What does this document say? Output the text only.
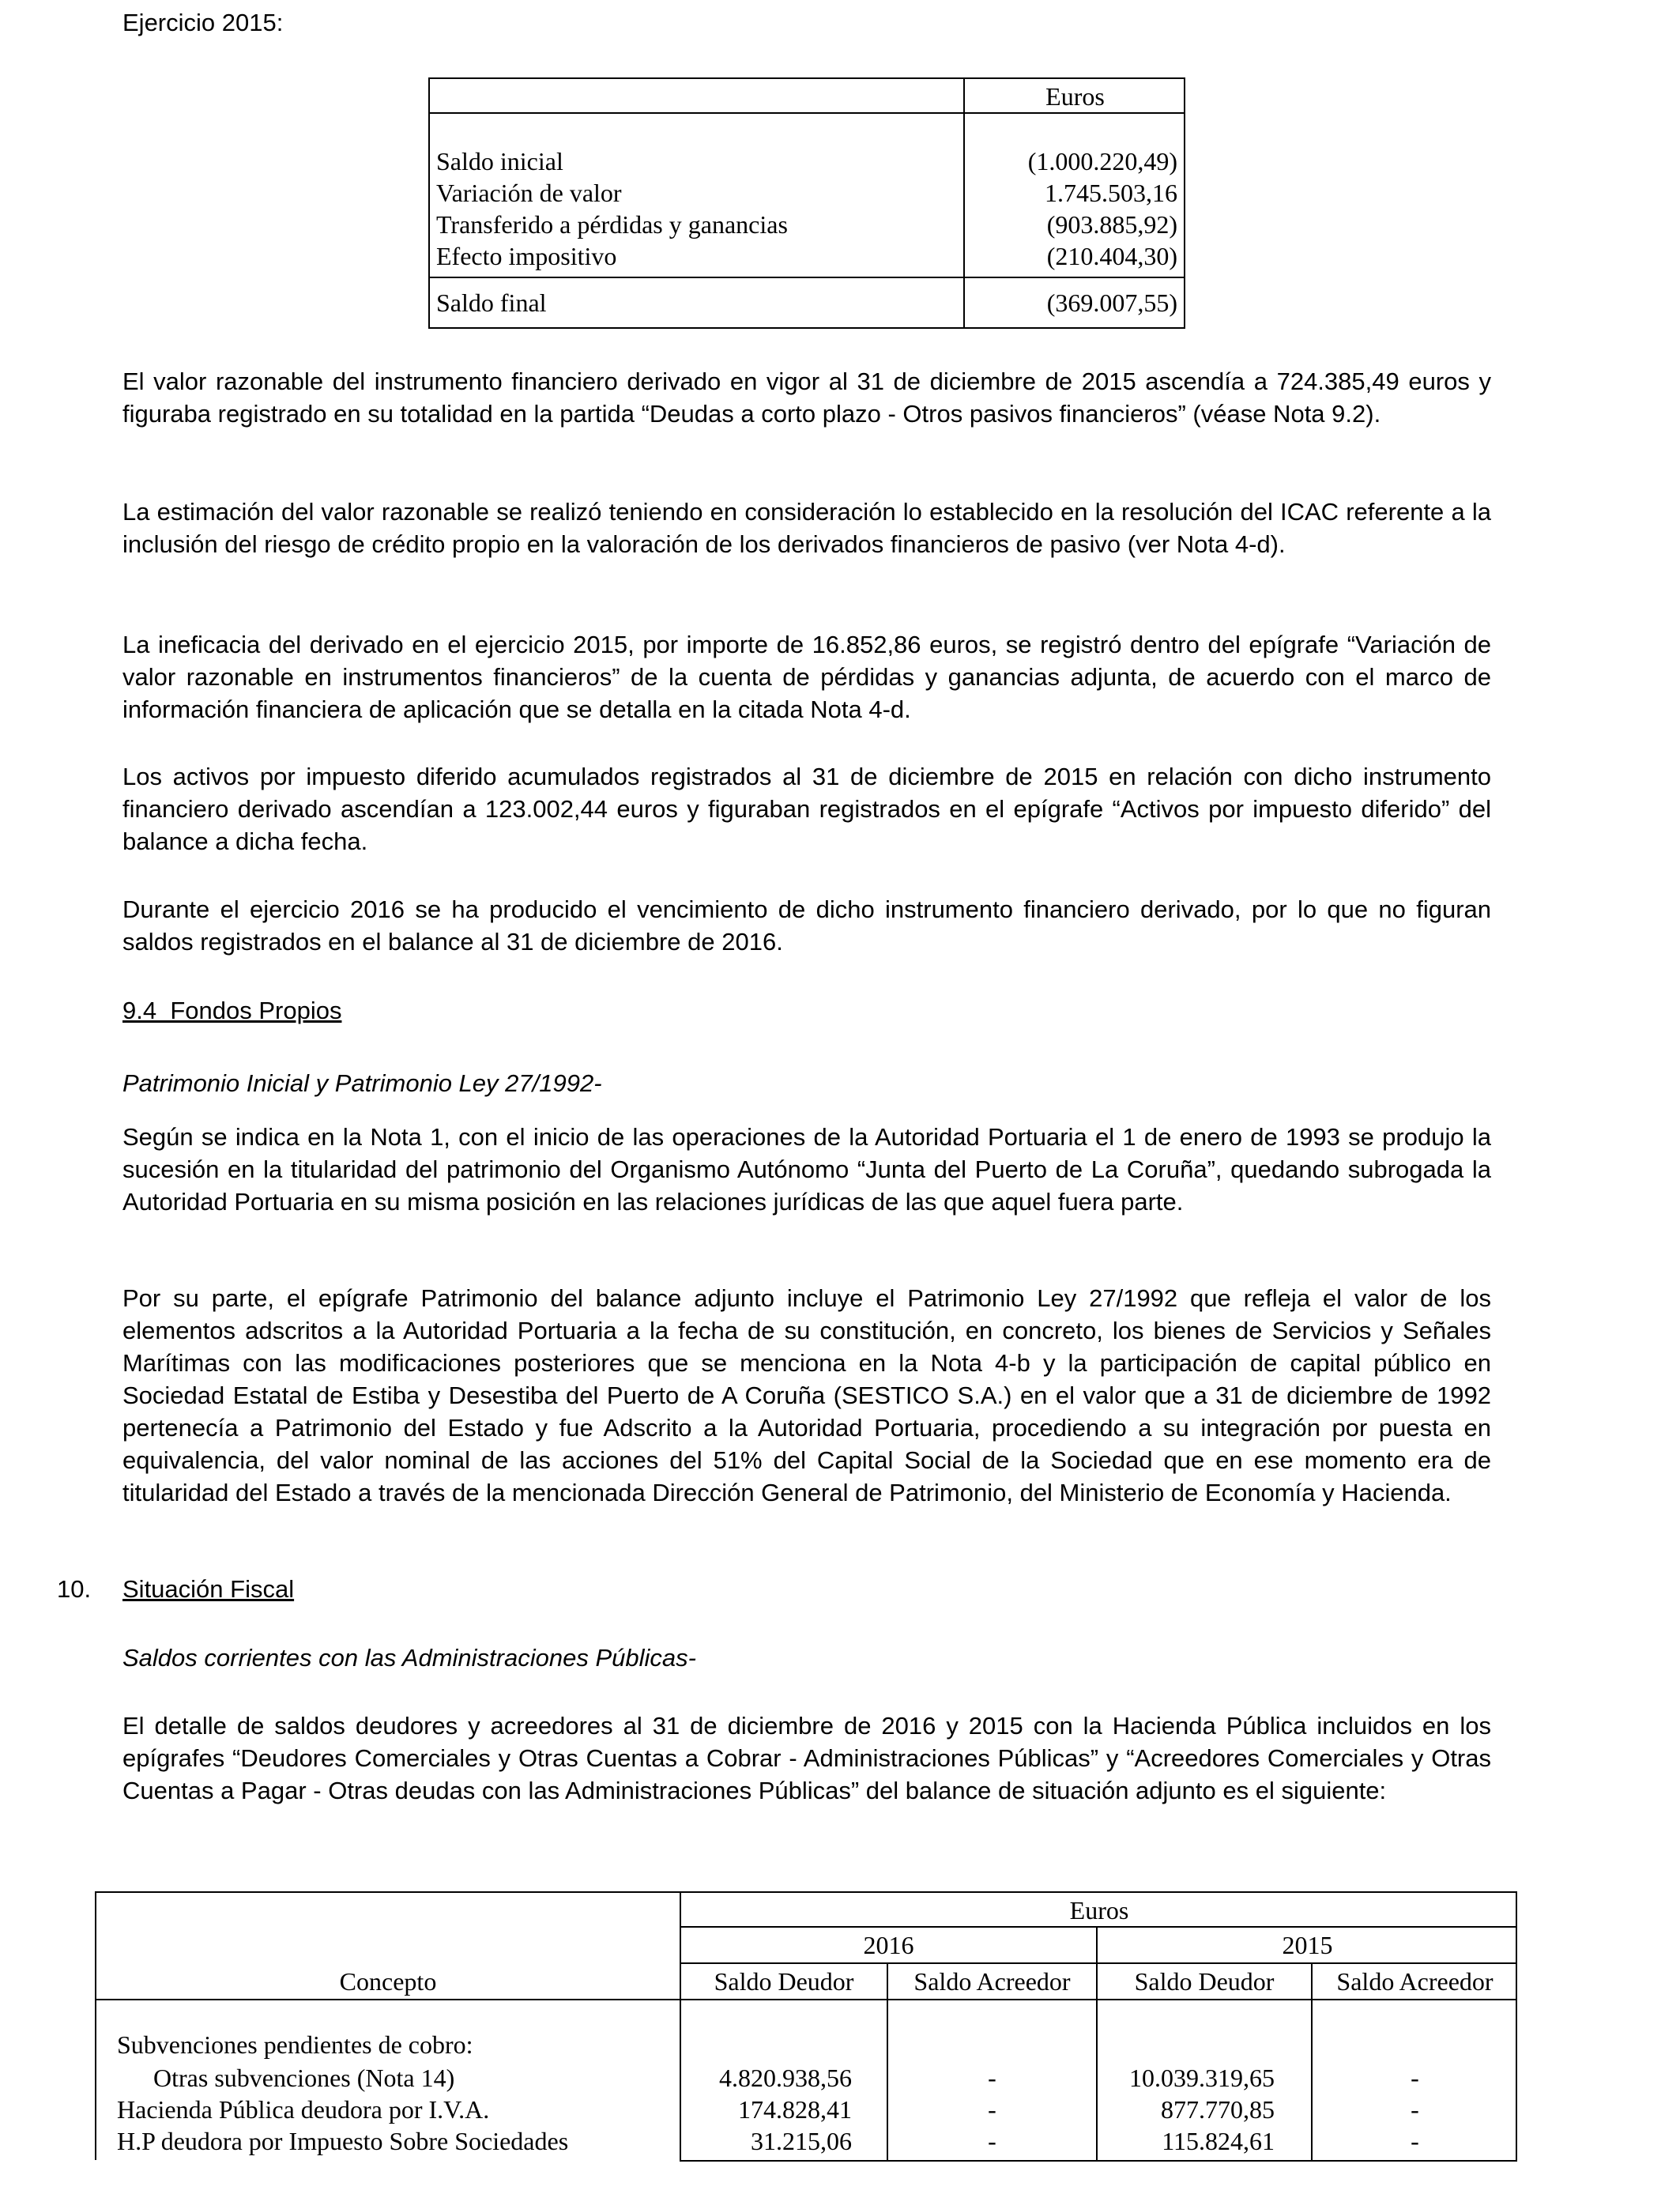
Ejercicio 2015:
Euros
Saldo inicial	(1.000.220,49)
Variación de valor	1.745.503,16
Transferido a pérdidas y ganancias	(903.885,92)
Efecto impositivo	(210.404,30)
Saldo final	(369.007,55)
El valor razonable del instrumento financiero derivado en vigor al 31 de diciembre de 2015 ascendía a 724.385,49 euros y figuraba registrado en su totalidad en la partida “Deudas a corto plazo - Otros pasivos financieros” (véase Nota 9.2).
La estimación del valor razonable se realizó teniendo en consideración lo establecido en la resolución del ICAC referente a la inclusión del riesgo de crédito propio en la valoración de los derivados financieros de pasivo (ver Nota 4-d).
La ineficacia del derivado en el ejercicio 2015, por importe de 16.852,86 euros, se registró dentro del epígrafe “Variación de valor razonable en instrumentos financieros” de la cuenta de pérdidas y ganancias adjunta, de acuerdo con el marco de información financiera de aplicación que se detalla en la citada Nota 4-d.
Los activos por impuesto diferido acumulados registrados al 31 de diciembre de 2015 en relación con dicho instrumento financiero derivado ascendían a 123.002,44 euros y figuraban registrados en el epígrafe “Activos por impuesto diferido” del balance a dicha fecha.
Durante el ejercicio 2016 se ha producido el vencimiento de dicho instrumento financiero derivado, por lo que no figuran saldos registrados en el balance al 31 de diciembre de 2016.
9.4  Fondos Propios
Patrimonio Inicial y Patrimonio Ley 27/1992-
Según se indica en la Nota 1, con el inicio de las operaciones de la Autoridad Portuaria el 1 de enero de 1993 se produjo la sucesión en la titularidad del patrimonio del Organismo Autónomo “Junta del Puerto de La Coruña”, quedando subrogada la Autoridad Portuaria en su misma posición en las relaciones jurídicas de las que aquel fuera parte.
Por su parte, el epígrafe Patrimonio del balance adjunto incluye el Patrimonio Ley 27/1992 que refleja el valor de los elementos adscritos a la Autoridad Portuaria a la fecha de su constitución, en concreto, los bienes de Servicios y Señales Marítimas con las modificaciones posteriores que se menciona en la Nota 4-b y la participación de capital público en Sociedad Estatal de Estiba y Desestiba del Puerto de A Coruña (SESTICO S.A.) en el valor que a 31 de diciembre de 1992 pertenecía a Patrimonio del Estado y fue Adscrito a la Autoridad Portuaria, procediendo a su integración por puesta en equivalencia, del valor nominal de las acciones del 51% del Capital Social de la Sociedad que en ese momento era de titularidad del Estado a través de la mencionada Dirección General de Patrimonio, del Ministerio de Economía y Hacienda.
10. Situación Fiscal
Saldos corrientes con las Administraciones Públicas-
El detalle de saldos deudores y acreedores al 31 de diciembre de 2016 y 2015 con la Hacienda Pública incluidos en los epígrafes “Deudores Comerciales y Otras Cuentas a Cobrar - Administraciones Públicas” y “Acreedores Comerciales y Otras Cuentas a Pagar - Otras deudas con las Administraciones Públicas” del balance de situación adjunto es el siguiente:
Euros
2016	2015
Concepto	Saldo Deudor	Saldo Acreedor	Saldo Deudor	Saldo Acreedor
Subvenciones pendientes de cobro:
Otras subvenciones (Nota 14)	4.820.938,56	-	10.039.319,65	-
Hacienda Pública deudora por I.V.A.	174.828,41	-	877.770,85	-
H.P deudora por Impuesto Sobre Sociedades	31.215,06	-	115.824,61	-
